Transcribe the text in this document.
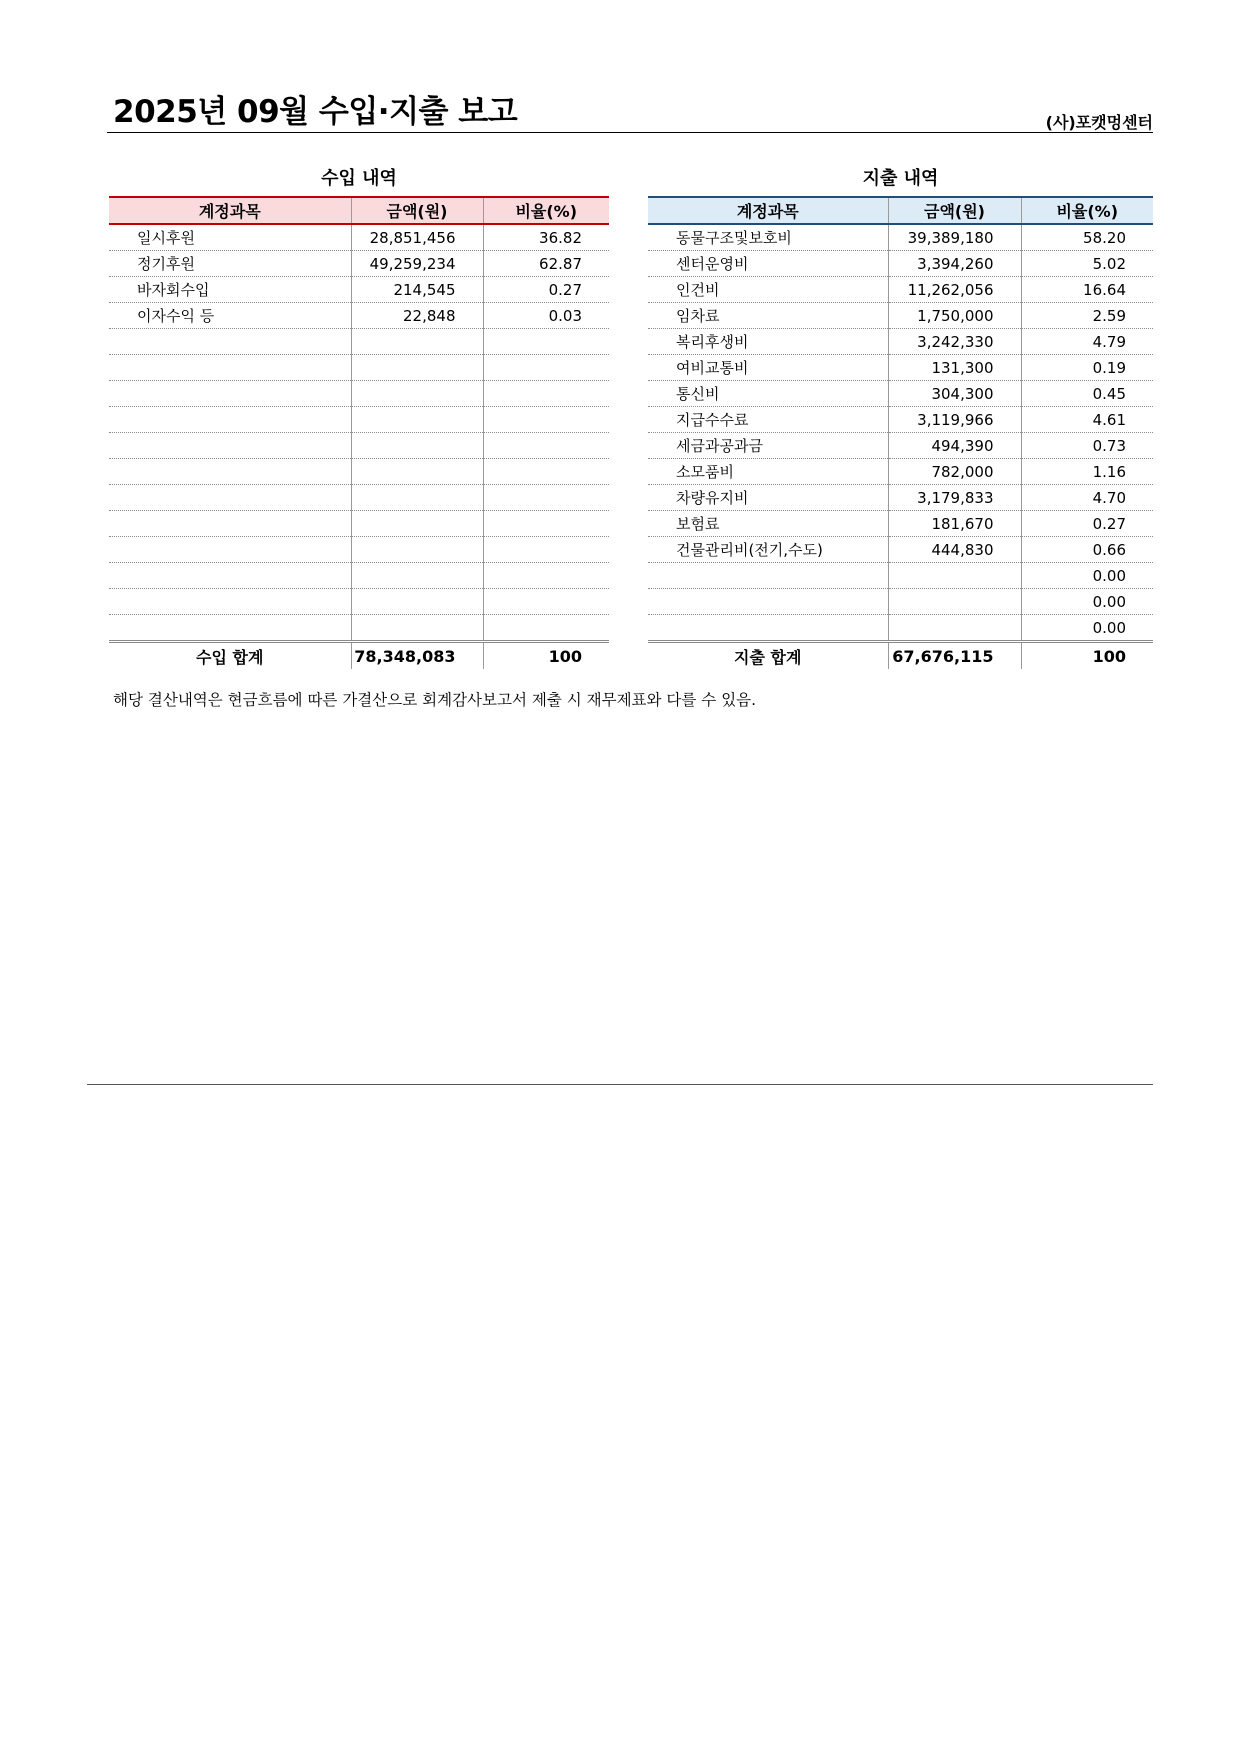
2025년 09월 수입·지출 보고	(사)포캣멍센터
수입 내역	지출 내역
계정과목	금액(원)	비율(%)
일시후원	28,851,456	36.82
정기후원	49,259,234	62.87
바자회수입	214,545	0.27
이자수익 등	22,848	0.03

수입 합계	78,348,083	100
계정과목	금액(원)	비율(%)
동물구조및보호비	39,389,180	58.20
센터운영비	3,394,260	5.02
인건비	11,262,056	16.64
임차료	1,750,000	2.59
복리후생비	3,242,330	4.79
여비교통비	131,300	0.19
통신비	304,300	0.45
지급수수료	3,119,966	4.61
세금과공과금	494,390	0.73
소모품비	782,000	1.16
차량유지비	3,179,833	4.70
보험료	181,670	0.27
건물관리비(전기,수도)	444,830	0.66
		0.00
		0.00
		0.00
지출 합계	67,676,115	100
해당 결산내역은 현금흐름에 따른 가결산으로 회계감사보고서 제출 시 재무제표와 다를 수 있음.
